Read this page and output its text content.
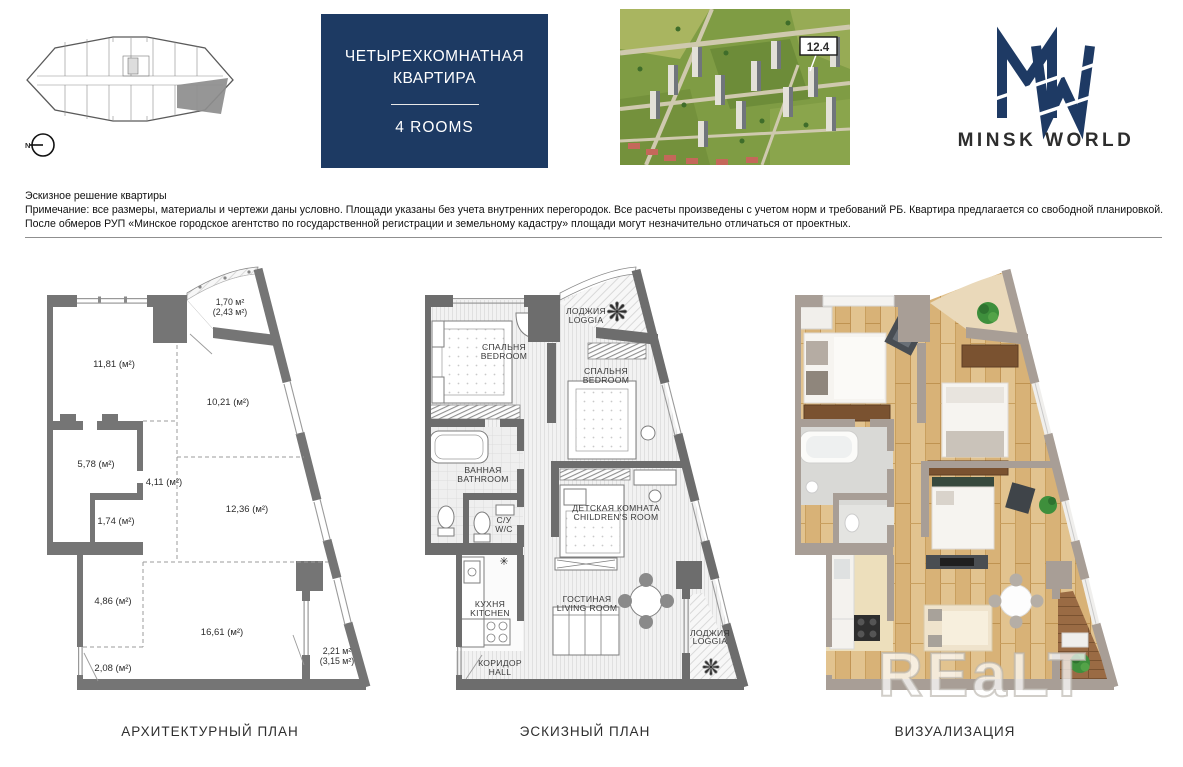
N
ЧЕТЫРЕХКОМНАТНАЯ
КВАРТИРА
4 ROOMS
12.4
MINSK WORLD
Эскизное решение квартиры
Примечание: все размеры, материалы и чертежи даны условно. Площади указаны без учета внутренних перегородок. Все расчеты произведены с учетом норм и требований РБ. Квартира предлагается со свободной планировкой.
После обмеров РУП «Минское городское агентство по государственной регистрации и земельному кадастру» площади могут незначительно отличаться от проектных.
11,81 (м²)
1,70 м²
(2,43 м²)
10,21 (м²)
5,78 (м²)
4,11 (м²)
1,74 (м²)
12,36 (м²)
4,86 (м²)
16,61 (м²)
2,08 (м²)
2,21 м²
(3,15 м²)
❋
❋
✳
ЛОДЖИЯ
LOGGIA
СПАЛЬНЯ
BEDROOM
СПАЛЬНЯ
BEDROOM
ВАННАЯ
BATHROOM
С/У
W/C
ДЕТСКАЯ КОМНАТА
CHILDREN'S ROOM
КУХНЯ
KITCHEN
ГОСТИНАЯ
LIVING ROOM
КОРИДОР
HALL
ЛОДЖИЯ
LOGGIA REaLT
АРХИТЕКТУРНЫЙ ПЛАН	ЭСКИЗНЫЙ ПЛАН	ВИЗУАЛИЗАЦИЯ
